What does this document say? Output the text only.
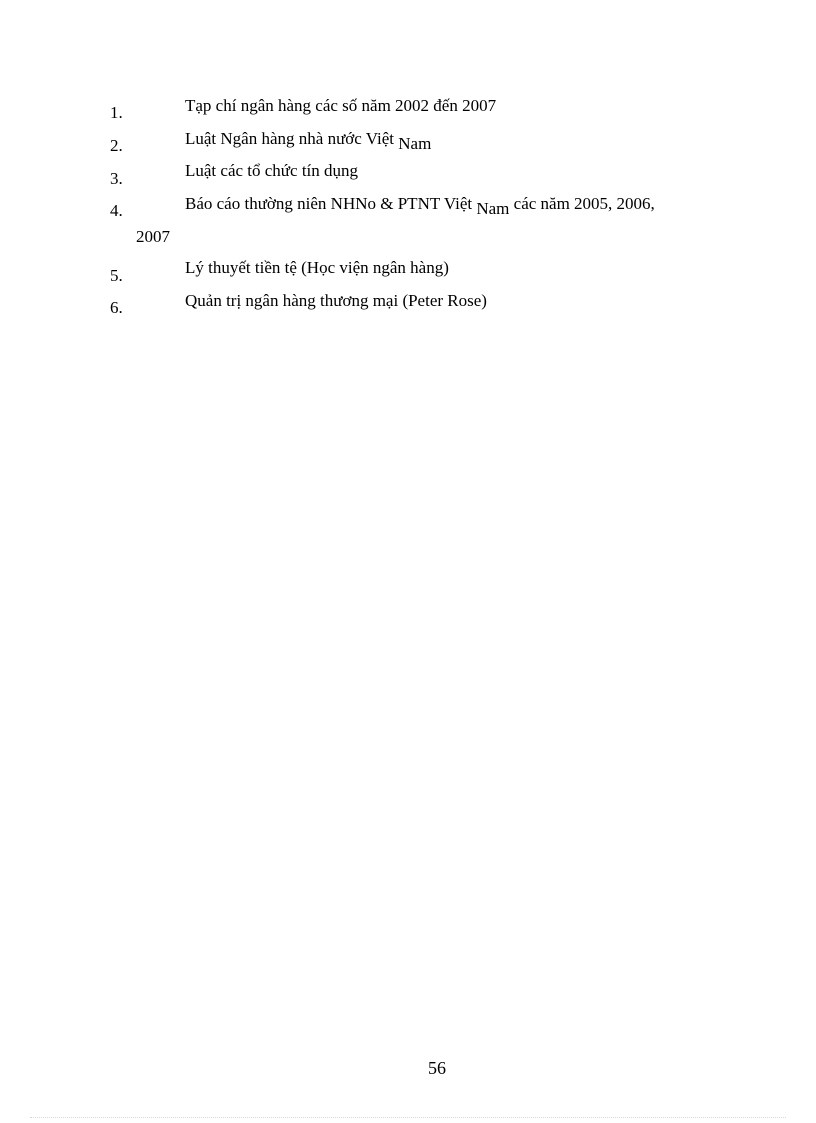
1.	Tạp chí ngân hàng các số năm 2002 đến 2007
2.	Luật Ngân hàng nhà nước Việt Nam
3.	Luật các tổ chức tín dụng
4.	Báo cáo thường niên NHNo & PTNT Việt Nam các năm 2005, 2006,
2007
5.	Lý thuyết tiền tệ (Học viện ngân hàng)
6.	Quản trị ngân hàng thương mại (Peter Rose)
56
